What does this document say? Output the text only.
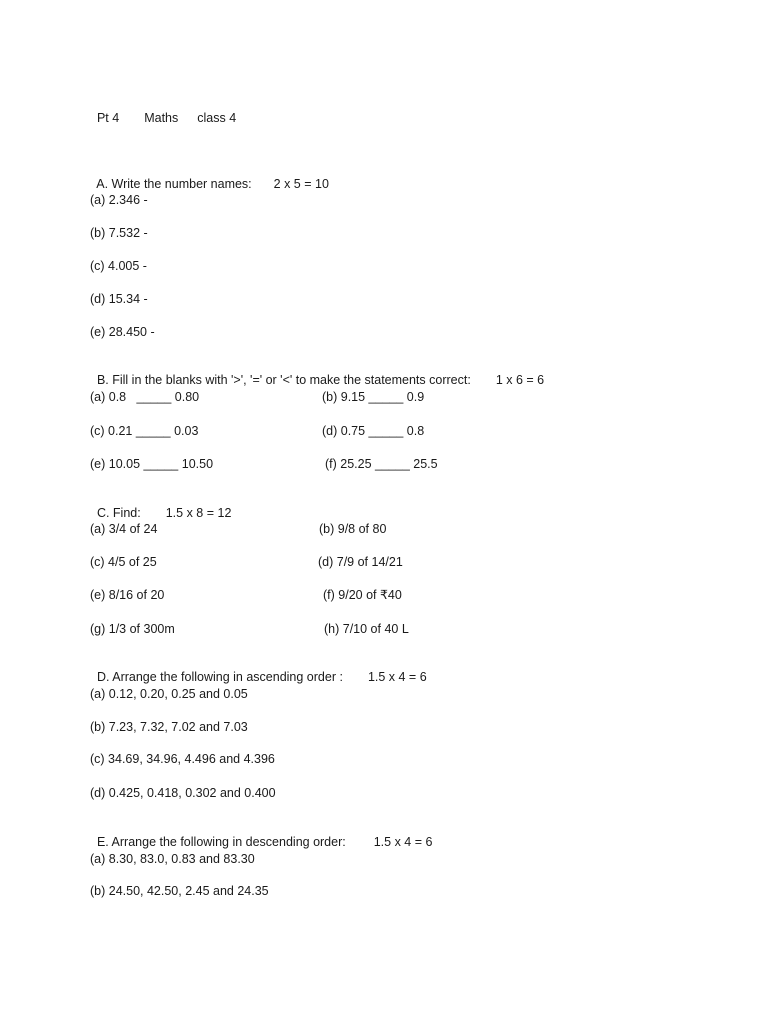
Pt 4 Maths class 4

A. Write the number names: 2 x 5 = 10

(a) 2.346 -
(b) 7.532 -
(c) 4.005 -
(d) 15.34 -
(e) 28.450 -

B. Fill in the blanks with '>', '=' or '<' to make the statements correct: 1 x 6 = 6

(a) 0.8   _____ 0.80	(b) 9.15 _____ 0.9
(c) 0.21 _____ 0.03	(d) 0.75 _____ 0.8
(e) 10.05 _____ 10.50	(f) 25.25 _____ 25.5

C. Find: 1.5 x 8 = 12

(a) 3/4 of 24	(b) 9/8 of 80
(c) 4/5 of 25	(d) 7/9 of 14/21
(e) 8/16 of 20	(f) 9/20 of ₹40
(g) 1/3 of 300m	(h) 7/10 of 40 L

D. Arrange the following in ascending order : 1.5 x 4 = 6

(a) 0.12, 0.20, 0.25 and 0.05
(b) 7.23, 7.32, 7.02 and 7.03
(c) 34.69, 34.96, 4.496 and 4.396
(d) 0.425, 0.418, 0.302 and 0.400

E. Arrange the following in descending order: 1.5 x 4 = 6

(a) 8.30, 83.0, 0.83 and 83.30
(b) 24.50, 42.50, 2.45 and 24.35
